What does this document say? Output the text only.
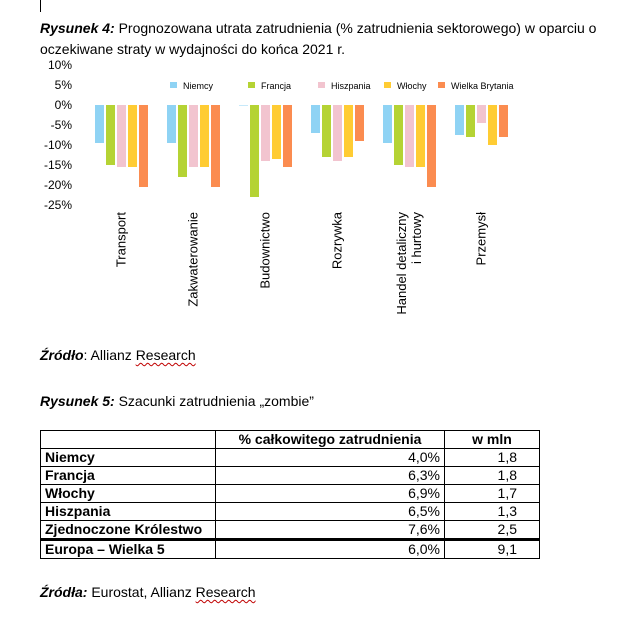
Rysunek 4: Prognozowana utrata zatrudnienia (% zatrudnienia sektorowego) w oparciu o oczekiwane straty w wydajności do końca 2021 r.
10%
5%
0%
-5%
-10%
-15%
-20%
-25%
Niemcy	Francja	Hiszpania	Włochy	Wielka Brytania
Transport	Zakwaterowanie	Budownictwo	Rozrywka	Handel detaliczny i hurtowy	Przemysł
Źródło: Allianz Research
Rysunek 5: Szacunki zatrudnienia „zombie”
	% całkowitego zatrudnienia	w mln
Niemcy	4,0%	1,8
Francja	6,3%	1,8
Włochy	6,9%	1,7
Hiszpania	6,5%	1,3
Zjednoczone Królestwo	7,6%	2,5
Europa – Wielka 5	6,0%	9,1
Źródła: Eurostat, Allianz Research
